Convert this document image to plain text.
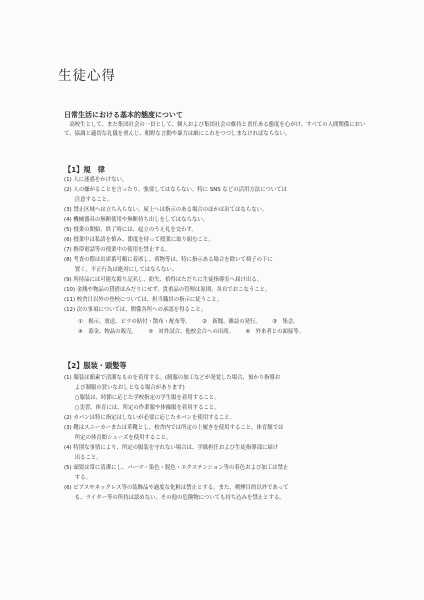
生徒心得
日常生活における基本的態度について
　高校生として、また集団社会の一員として、個人および集団社会の維持と責任ある態度を心がけ、すべての人間関係において、協調と適切な礼儀を重んじ、粗野な言動や暴力は厳にこれをつつしまなければならない。
【1】規　律
(1) 人に迷惑をかけない。
(2) 人の嫌がることを言ったり、強要してはならない。特に SNS などの活用方法については
　　注意すること。
(3) 禁止区域へは立ち入らない。屋上へは指示のある場合のほかは出てはならない。
(4) 機械器具の無断使用や無断持ち出しをしてはならない。
(5) 授業の開始、終了時には、起立のうえ礼を交わす。
(6) 授業中は私語を慎み、節度を持って授業に取り組むこと。
(7) 携帯電話等の授業中の使用を禁止する。
(8) 考査の際は出席番号順に着席し、荷物等は、特に指示ある場合を除いて椅子の下に
　　置く。不正行為は絶対にしてはならない。
(9) 所持品には可能な限り記名し、紛失、拾得はただちに生徒指導室へ届け出る。
(10) 金銭や物品の貸借はみだりにせず、貴重品の管理は原則、各自でおこなうこと。
(11) 校舎日以外の登校については、担当職員の指示に従うこと。
(12) 次の事項については、関係各所への承認を得ること。
①　掲示、放送、ビラの貼付・散布・配布等。 ②　新聞、雑誌の発行。 ③　集会。
④　募金、物品の販売。 ⑤　対外試合、他校会合への出席。 ⑥　外来者との面接等。
【2】服装・頭髪等
(1) 服装は簡素で清潔なものを着用する。(制服の加工などが発覚した場合、預かり指導お
　　よび制服の買いなおしとなる場合があります)
　　○服装は、時節に応じた学校指定の学生服を着用すること。
　　○実習、体育には、所定の作業服や体操服を着用すること。
(2) カバンは特に指定はしないが必要に応じたカバンを使用すること。
(3) 靴はスニーカーまたは革靴とし、校舎内では所定の上履きを使用すること。体育館では
　　所定の体育館シューズを使用すること。
(4) 特別な事情により、所定の服装を守れない場合は、学級担任および生徒指導部に届け
　　出ること。
(5) 頭髪は常に清潔にし、パーマ・染色・脱色・エクステンション等の着色および加工は禁止
　　する。
(6) ピアスやネックレス等の装飾品や過度な化粧は禁止とする。また、喫煙目的以外であって
　　も、ライター等の所持は認めない。その他の危険物についても持ち込みを禁止とする。
